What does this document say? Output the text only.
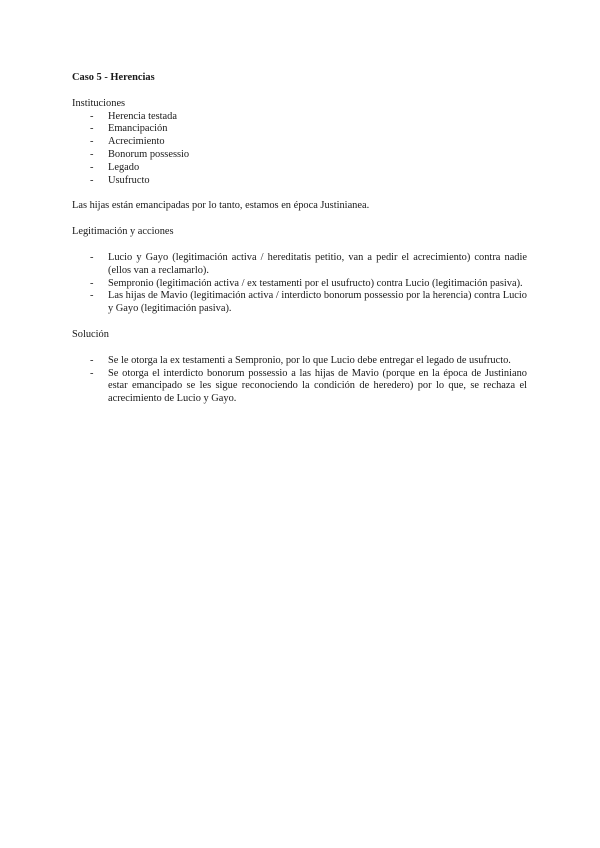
Caso 5 - Herencias

Instituciones

- Herencia testada
- Emancipación
- Acrecimiento
- Bonorum possessio
- Legado
- Usufructo

Las hijas están emancipadas por lo tanto, estamos en época Justinianea.

Legitimación y acciones

- Lucio y Gayo (legitimación activa / hereditatis petitio, van a pedir el acrecimiento) contra nadie (ellos van a reclamarlo).
- Sempronio (legitimación activa / ex testamenti por el usufructo) contra Lucio (legitimación pasiva).
- Las hijas de Mavio (legitimación activa / interdicto bonorum possessio por la herencia) contra Lucio y Gayo (legitimación pasiva).

Solución

- Se le otorga la ex testamenti a Sempronio, por lo que Lucio debe entregar el legado de usufructo.
- Se otorga el interdicto bonorum possessio a las hijas de Mavio (porque en la época de Justiniano estar emancipado se les sigue reconociendo la condición de heredero) por lo que, se rechaza el acrecimiento de Lucio y Gayo.
